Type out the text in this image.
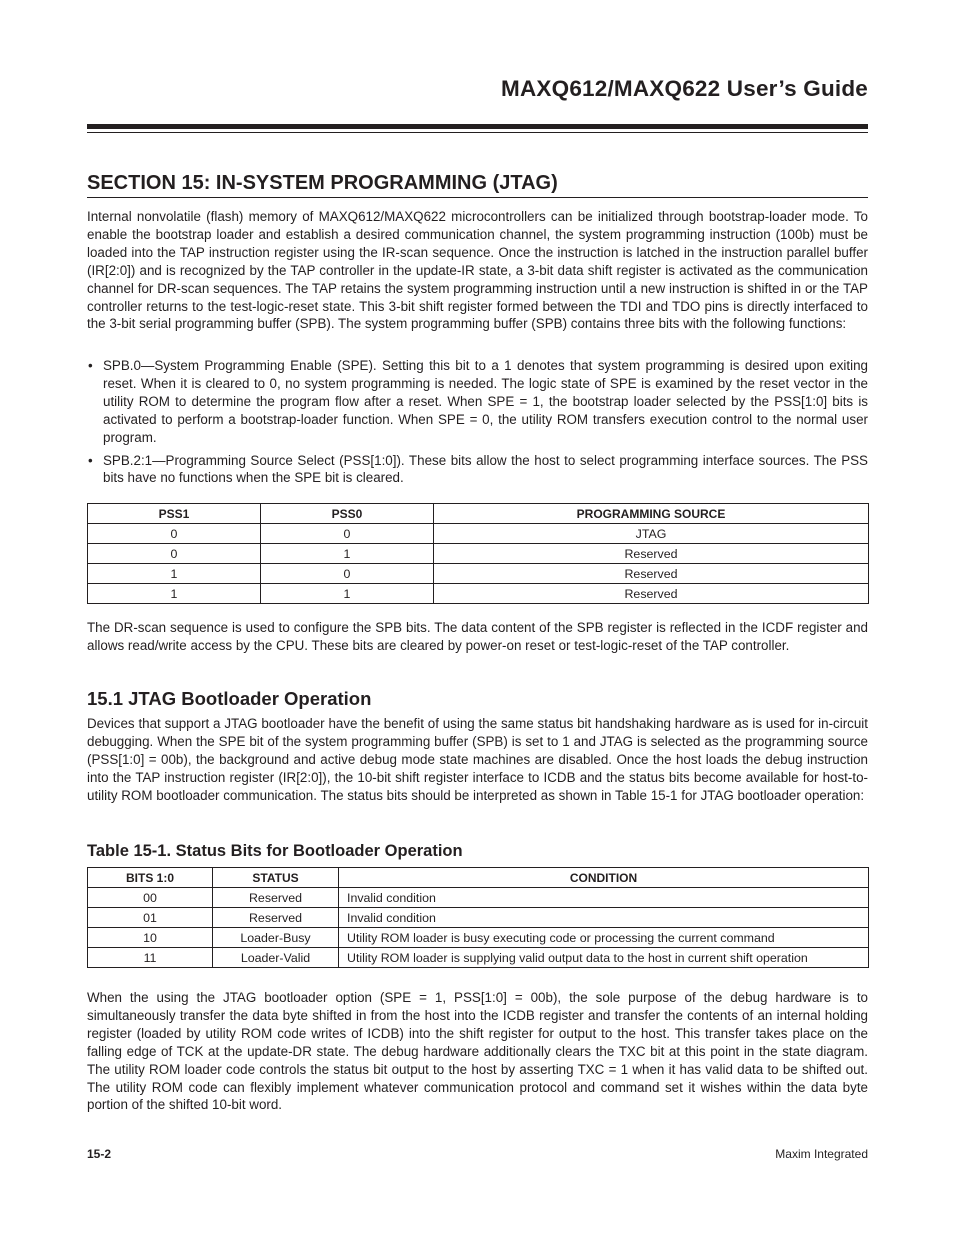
MAXQ612/MAXQ622 User’s Guide
SECTION 15: IN-SYSTEM PROGRAMMING (JTAG)

Internal nonvolatile (flash) memory of MAXQ612/MAXQ622 microcontrollers can be initialized through bootstrap-loader mode. To enable the bootstrap loader and establish a desired communication channel, the system programming instruction (100b) must be loaded into the TAP instruction register using the IR-scan sequence. Once the instruction is latched in the instruction parallel buffer (IR[2:0]) and is recognized by the TAP controller in the update-IR state, a 3-bit data shift register is activated as the communication channel for DR-scan sequences. The TAP retains the system programming instruction until a new instruction is shifted in or the TAP controller returns to the test-logic-reset state. This 3-bit shift register formed between the TDI and TDO pins is directly interfaced to the 3-bit serial programming buffer (SPB). The system programming buffer (SPB) contains three bits with the following functions:

• SPB.0—System Programming Enable (SPE). Setting this bit to a 1 denotes that system programming is desired upon exiting reset. When it is cleared to 0, no system programming is needed. The logic state of SPE is examined by the reset vector in the utility ROM to determine the program flow after a reset. When SPE = 1, the bootstrap loader selected by the PSS[1:0] bits is activated to perform a bootstrap-loader function. When SPE = 0, the utility ROM transfers execution control to the normal user program.
• SPB.2:1—Programming Source Select (PSS[1:0]). These bits allow the host to select programming interface sources. The PSS bits have no functions when the SPE bit is cleared.
PSS1	PSS0	PROGRAMMING SOURCE
0	0	JTAG
0	1	Reserved
1	0	Reserved
1	1	Reserved

The DR-scan sequence is used to configure the SPB bits. The data content of the SPB register is reflected in the ICDF register and allows read/write access by the CPU. These bits are cleared by power-on reset or test-logic-reset of the TAP controller.

15.1 JTAG Bootloader Operation

Devices that support a JTAG bootloader have the benefit of using the same status bit handshaking hardware as is used for in-circuit debugging. When the SPE bit of the system programming buffer (SPB) is set to 1 and JTAG is selected as the programming source (PSS[1:0] = 00b), the background and active debug mode state machines are disabled. Once the host loads the debug instruction into the TAP instruction register (IR[2:0]), the 10-bit shift register interface to ICDB and the status bits become available for host-to-utility ROM bootloader communication. The status bits should be interpreted as shown in Table 15-1 for JTAG bootloader operation:

Table 15-1. Status Bits for Bootloader Operation
BITS 1:0	STATUS	CONDITION
00	Reserved	Invalid condition
01	Reserved	Invalid condition
10	Loader-Busy	Utility ROM loader is busy executing code or processing the current command
11	Loader-Valid	Utility ROM loader is supplying valid output data to the host in current shift operation

When the using the JTAG bootloader option (SPE = 1, PSS[1:0] = 00b), the sole purpose of the debug hardware is to simultaneously transfer the data byte shifted in from the host into the ICDB register and transfer the contents of an internal holding register (loaded by utility ROM code writes of ICDB) into the shift register for output to the host. This transfer takes place on the falling edge of TCK at the update-DR state. The debug hardware additionally clears the TXC bit at this point in the state diagram. The utility ROM loader code controls the status bit output to the host by asserting TXC = 1 when it has valid data to be shifted out. The utility ROM code can flexibly implement whatever communication protocol and command set it wishes within the data byte portion of the shifted 10-bit word.

15-2	Maxim Integrated
